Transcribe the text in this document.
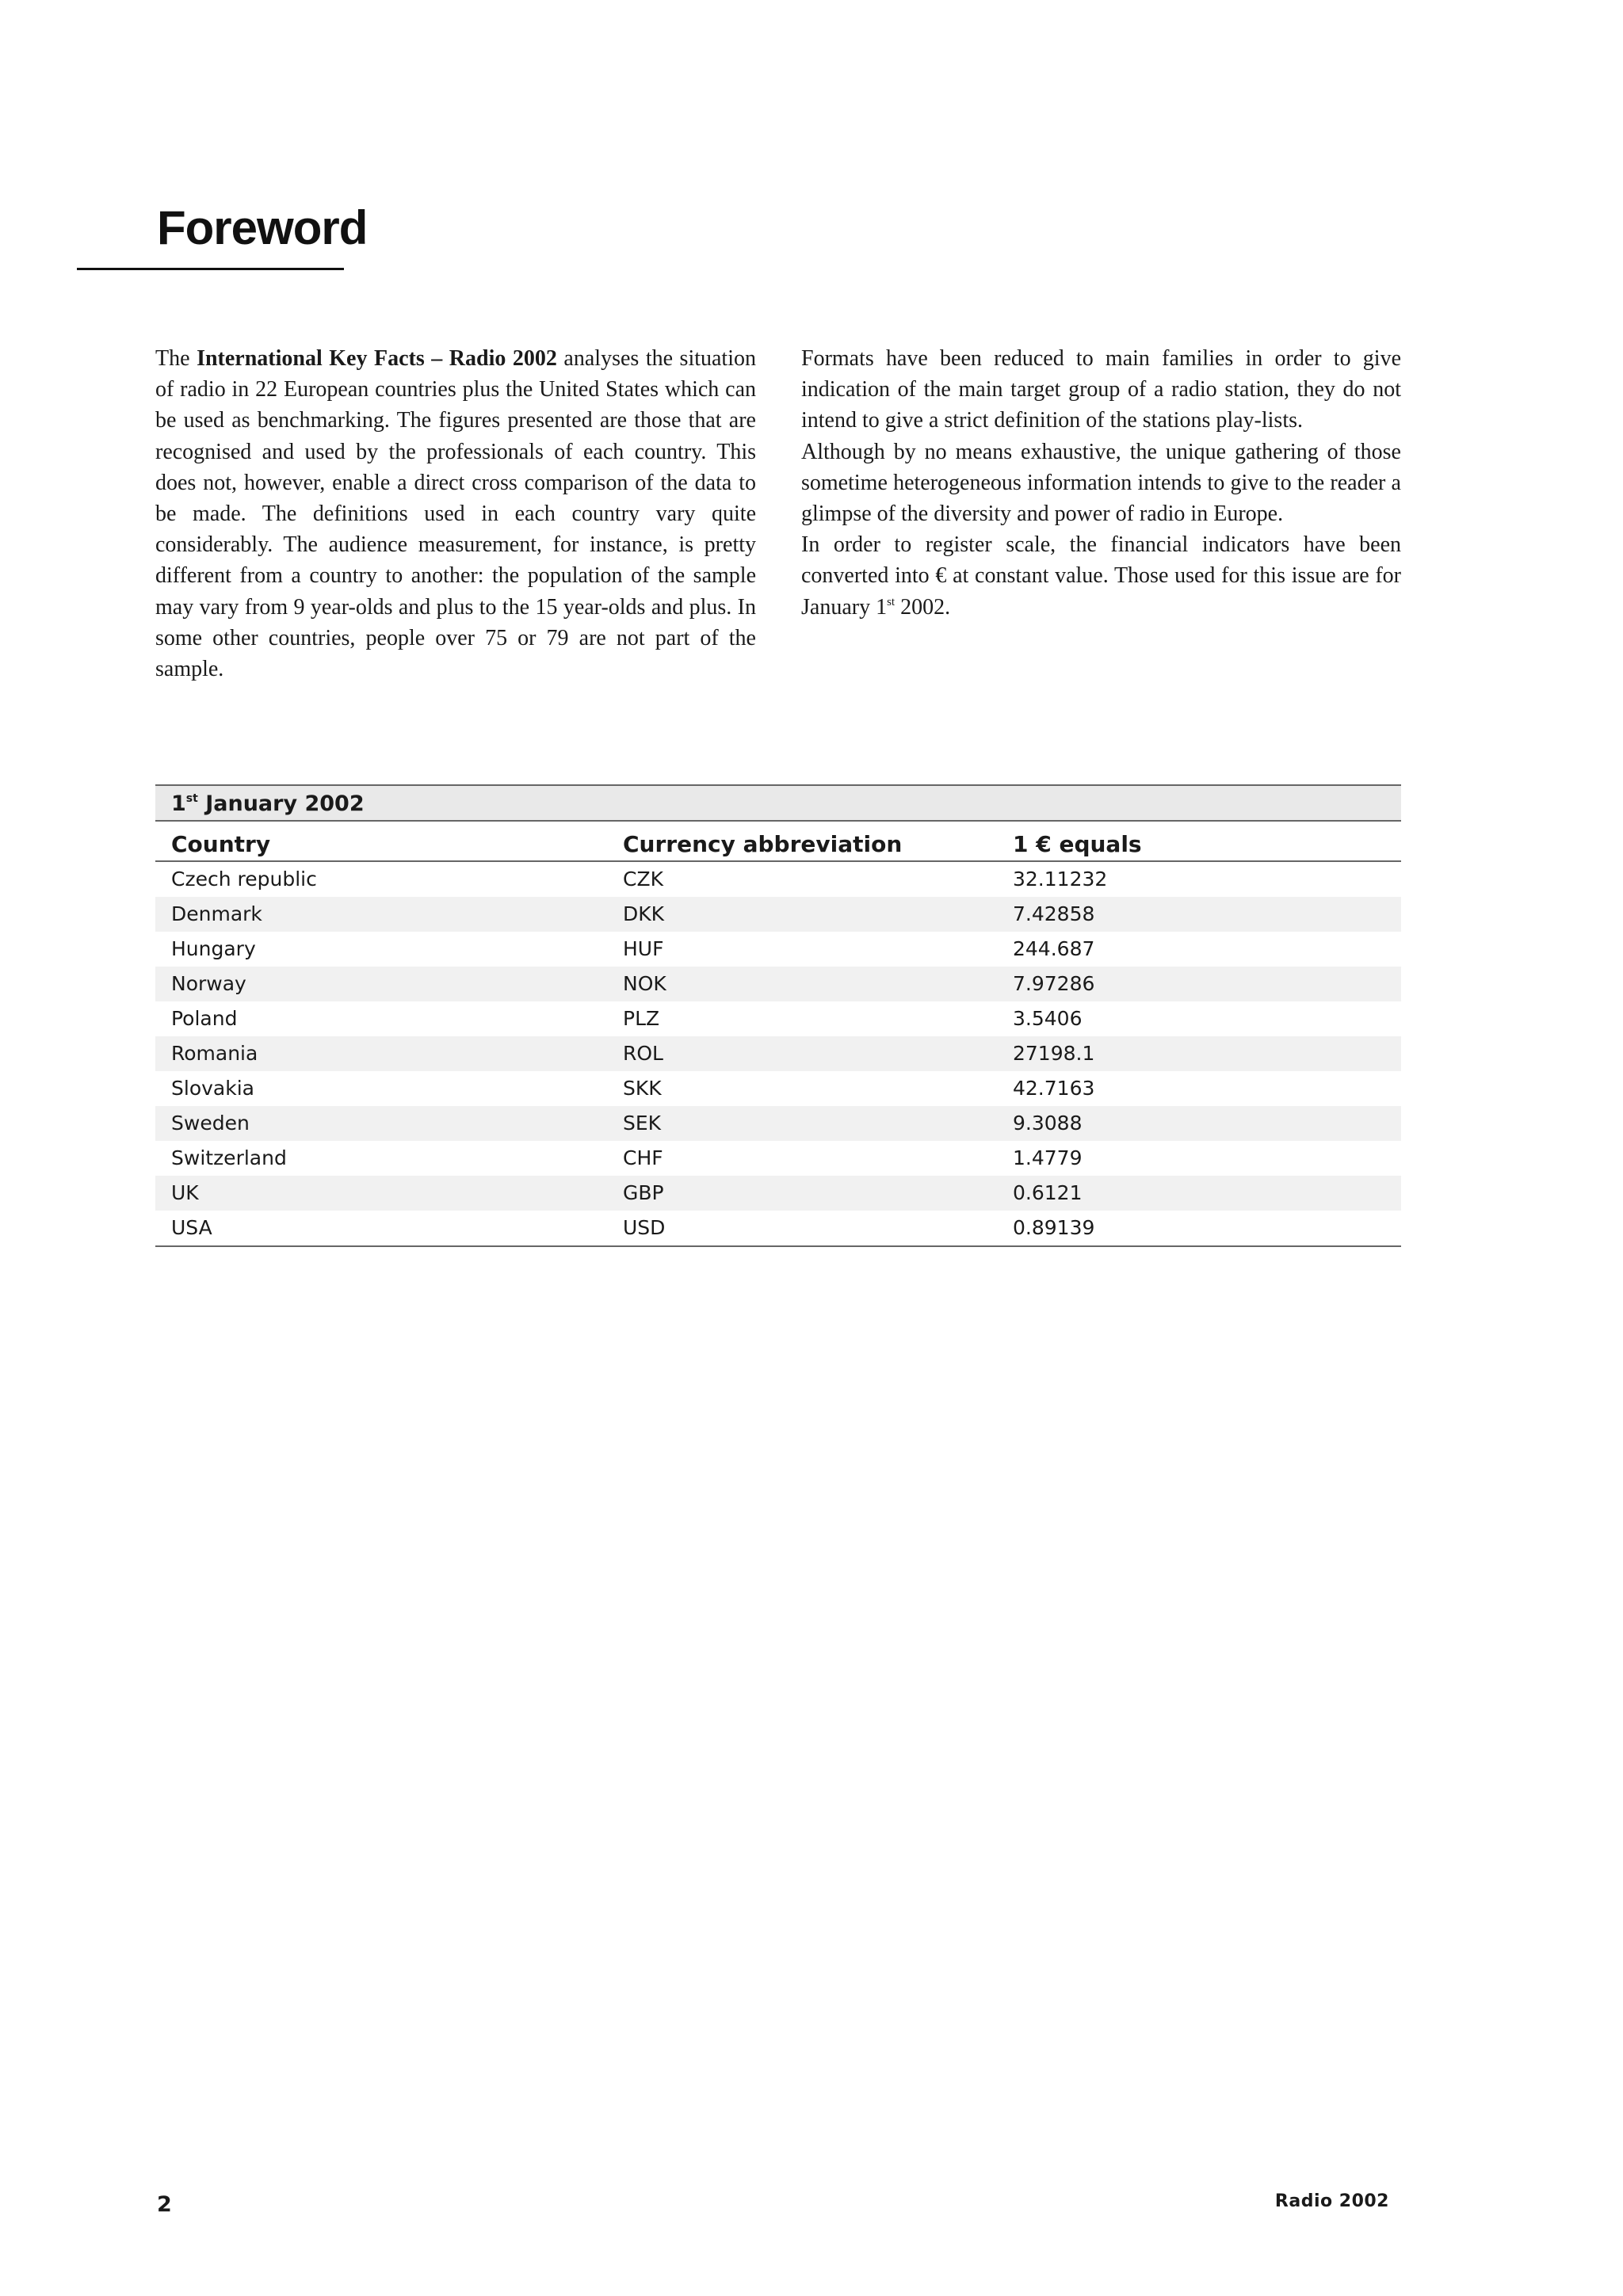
Foreword

The International Key Facts – Radio 2002 analyses the situation of radio in 22 European countries plus the United States which can be used as benchmarking. The figures presented are those that are recognised and used by the professionals of each country. This does not, however, enable a direct cross comparison of the data to be made. The definitions used in each country vary quite considerably. The audience measurement, for instance, is pretty different from a country to another: the population of the sample may vary from 9 year-olds and plus to the 15 year-olds and plus. In some other countries, people over 75 or 79 are not part of the sample.

Formats have been reduced to main families in order to give indication of the main target group of a radio station, they do not intend to give a strict definition of the stations play-lists.

Although by no means exhaustive, the unique gathering of those sometime heterogeneous information intends to give to the reader a glimpse of the diversity and power of radio in Europe.

In order to register scale, the financial indicators have been converted into € at constant value. Those used for this issue are for January 1st 2002.

1st January 2002
Country	Currency abbreviation	1 € equals
Czech republic	CZK	32.11232
Denmark	DKK	7.42858
Hungary	HUF	244.687
Norway	NOK	7.97286
Poland	PLZ	3.5406
Romania	ROL	27198.1
Slovakia	SKK	42.7163
Sweden	SEK	9.3088
Switzerland	CHF	1.4779
UK	GBP	0.6121
USA	USD	0.89139
2	Radio 2002
